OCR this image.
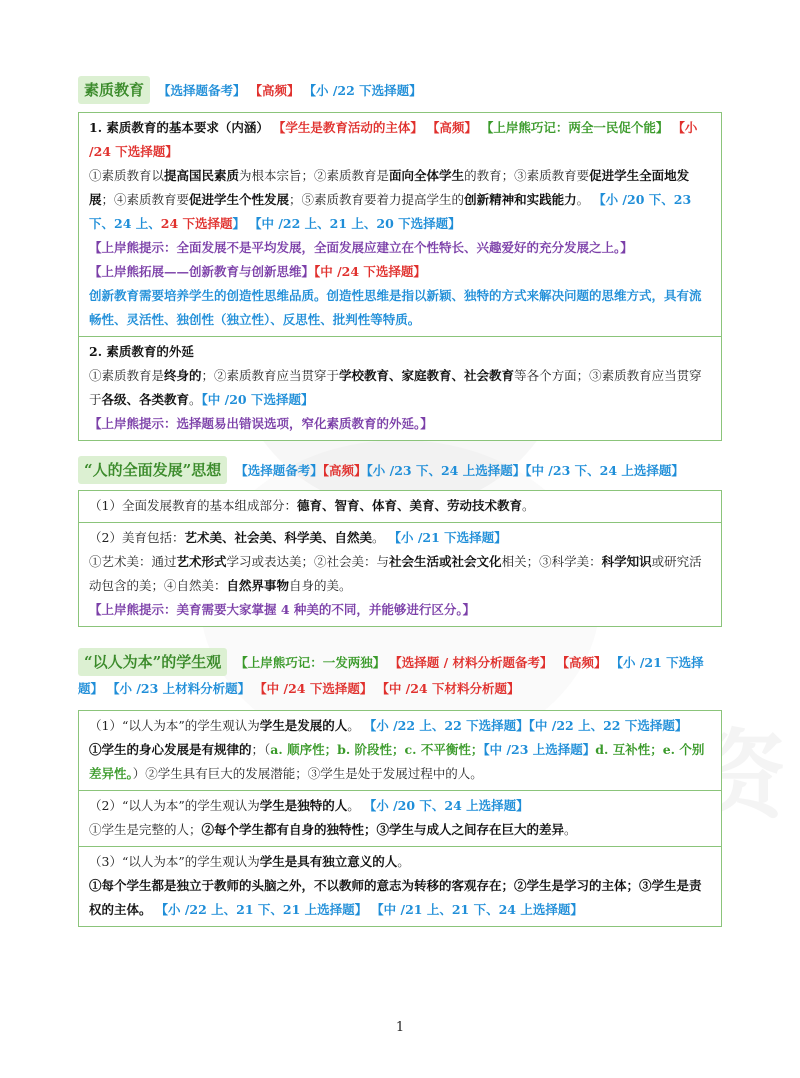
素质教育 【选择题备考】 【高频】 【小 /22 下选择题】
1. 素质教育的基本要求（内涵） 【学生是教育活动的主体】 【高频】 【上岸熊巧记：两全一民促个能】 【小 /24 下选择题】
①素质教育以提高国民素质为根本宗旨；②素质教育是面向全体学生的教育；③素质教育要促进学生全面地发展；④素质教育要促进学生个性发展；⑤素质教育要着力提高学生的创新精神和实践能力。 【小 /20 下、23 下、24 上、24 下选择题】 【中 /22 上、21 上、20 下选择题】
【上岸熊提示：全面发展不是平均发展，全面发展应建立在个性特长、兴趣爱好的充分发展之上。】
【上岸熊拓展——创新教育与创新思维】【中 /24 下选择题】
创新教育需要培养学生的创造性思维品质。创造性思维是指以新颖、独特的方式来解决问题的思维方式，具有流畅性、灵活性、独创性（独立性）、反思性、批判性等特质。
2. 素质教育的外延
①素质教育是终身的；②素质教育应当贯穿于学校教育、家庭教育、社会教育等各个方面；③素质教育应当贯穿于各级、各类教育。【中 /20 下选择题】
【上岸熊提示：选择题易出错误选项，窄化素质教育的外延。】
“人的全面发展”思想 【选择题备考】【高频】【小 /23 下、24 上选择题】【中 /23 下、24 上选择题】
（1）全面发展教育的基本组成部分：德育、智育、体育、美育、劳动技术教育。
（2）美育包括：艺术美、社会美、科学美、自然美。 【小 /21 下选择题】
①艺术美：通过艺术形式学习或表达美；②社会美：与社会生活或社会文化相关；③科学美：科学知识或研究活动包含的美；④自然美：自然界事物自身的美。
【上岸熊提示：美育需要大家掌握 4 种美的不同，并能够进行区分。】
“以人为本”的学生观 【上岸熊巧记：一发两独】 【选择题 / 材料分析题备考】 【高频】 【小 /21 下选择题】 【小 /23 上材料分析题】 【中 /24 下选择题】 【中 /24 下材料分析题】
（1）“以人为本”的学生观认为学生是发展的人。 【小 /22 上、22 下选择题】【中 /22 上、22 下选择题】
①学生的身心发展是有规律的；（a. 顺序性；b. 阶段性；c. 不平衡性；【中 /23 上选择题】d. 互补性；e. 个别差异性。）②学生具有巨大的发展潜能；③学生是处于发展过程中的人。
（2）“以人为本”的学生观认为学生是独特的人。 【小 /20 下、24 上选择题】
①学生是完整的人；②每个学生都有自身的独特性；③学生与成人之间存在巨大的差异。
（3）“以人为本”的学生观认为学生是具有独立意义的人。
①每个学生都是独立于教师的头脑之外，不以教师的意志为转移的客观存在；②学生是学习的主体；③学生是责权的主体。 【小 /22 上、21 下、21 上选择题】 【中 /21 上、21 下、24 上选择题】
1
